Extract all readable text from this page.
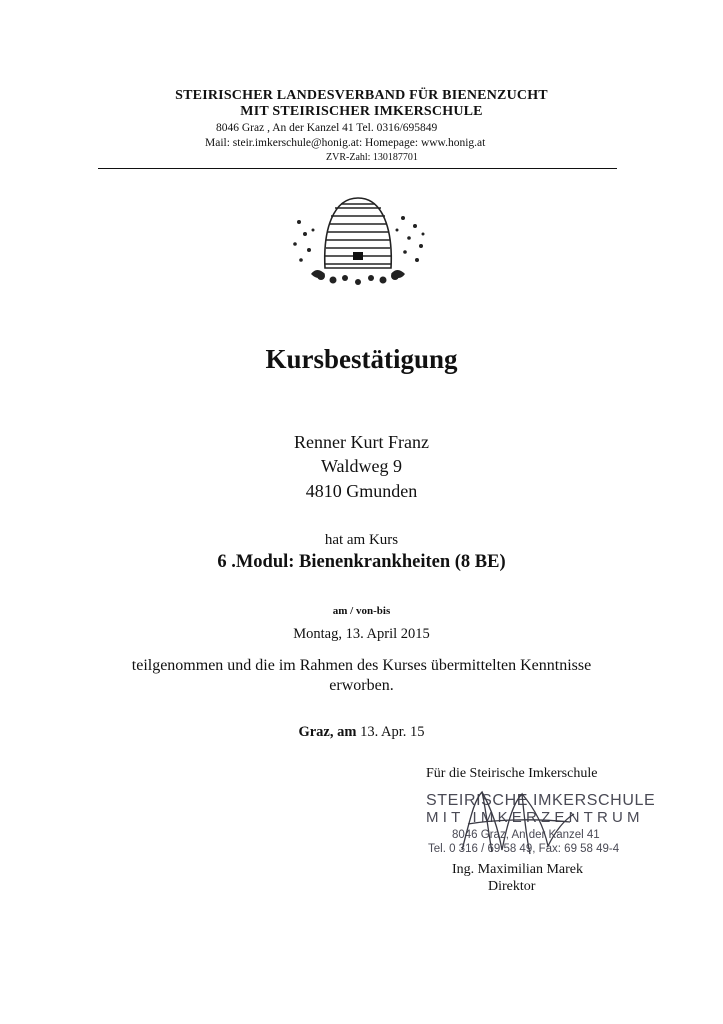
STEIRISCHER LANDESVERBAND FÜR BIENENZUCHT
MIT STEIRISCHER IMKERSCHULE
8046 Graz , An der Kanzel 41 Tel. 0316/695849
Mail: steir.imkerschule@honig.at: Homepage: www.honig.at
ZVR-Zahl: 130187701
Kursbestätigung
Renner Kurt Franz
Waldweg 9
4810 Gmunden
hat am Kurs
6 .Modul: Bienenkrankheiten (8 BE)
am / von-bis
Montag, 13. April 2015
teilgenommen und die im Rahmen des Kurses übermittelten Kenntnisse
erworben.
Graz, am 13. Apr. 15
Für die Steirische Imkerschule
STEIRISCHE IMKERSCHULE
MIT IMKERZENTRUM
8046 Graz, An der Kanzel 41
Tel. 0 316 / 69 58 49, Fax: 69 58 49-4
Ing. Maximilian Marek
Direktor
